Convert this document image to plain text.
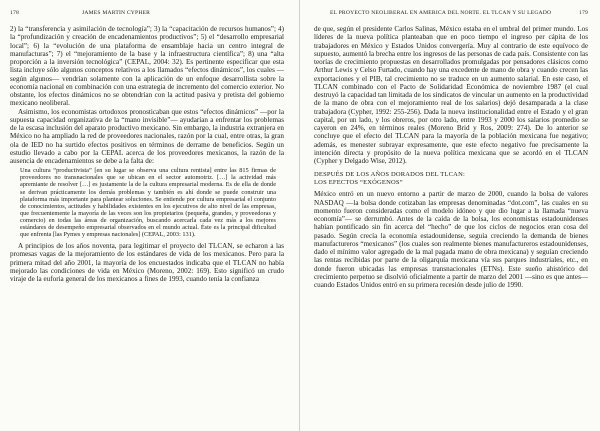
178	JAMES MARTÍN CYPHER

2) la “transferencia y asimilación de tecnología”; 3) la “capacitación de recursos humanos”; 4) la “profundización y creación de encadenamientos productivos”; 5) el “desarrollo empresarial local”; 6) la “evolución de una plataforma de ensamblaje hacia un centro integral de manufacturas”; 7) el “mejoramiento de la base y la infraestructura científica”; 8) una “alta proporción a la inversión tecnológica” (CEPAL, 2004: 32). Es pertinente especificar que esta lista incluye sólo algunos conceptos relativos a los llamados “efectos dinámicos”, los cuales —según algunos— vendrían solamente con la aplicación de un enfoque desarrollista sobre la economía nacional en combinación con una estrategia de incremento del comercio exterior. No obstante, los efectos dinámicos no se obtendrían con la actitud pasiva y pretista del gobierno mexicano neoliberal.

Asimismo, los economistas ortodoxos pronosticaban que estos “efectos dinámicos” —por la supuesta capacidad organizativa de la “mano invisible”— ayudarían a enfrentar los problemas de la escasa inclusión del aparato productivo mexicano. Sin embargo, la industria extranjera en México no ha ampliado la red de proveedores nacionales, razón por la cual, entre otras, la gran ola de IED no ha surtido efectos positivos en términos de derrame de beneficios. Según un estudio llevado a cabo por la CEPAL acerca de los proveedores mexicanos, la razón de la ausencia de encadenamientos se debe a la falta de:

Una cultura “productivista” [en su lugar se observa una cultura rentista] entre las 815 firmas de proveedores no transnacionales que se ubican en el sector automotriz. […] la actividad más apremiante de resolver […] es justamente la de la cultura empresarial moderna. Es de ella de donde se derivan prácticamente los demás problemas y también es ahí donde se puede construir una plataforma más importante para plantear soluciones. Se entiende por cultura empresarial el conjunto de conocimientos, actitudes y habilidades existentes en los ejecutivos de alto nivel de las empresas, que frecuentemente la mayoría de las veces son los propietarios (pequeña, grandes, y proveedoras y comercio) en todas las áreas de organización, buscando acercarla cada vez más a los mejores estándares de desempeño empresarial observados en el mundo actual. Éste es la principal dificultad que enfrenta [las Pymes y empresas nacionales] (CEPAL, 2003: 131).

A principios de los años noventa, para legitimar el proyecto del TLCAN, se echaron a las promesas vagas de la mejoramiento de los estándares de vida de los mexicanos. Pero para la primera mitad del año 2001, la mayoría de los encuestados indicaba que el TLCAN no había mejorado las condiciones de vida en México (Moreno, 2002: 169). Esto significó un crudo viraje de la euforia general de los mexicanos a fines de 1993, cuando tenía la confianza

EL PROYECTO NEOLIBERAL EN AMÉRICA DEL NORTE. EL TLCAN Y SU LEGADO	179

de que, según el presidente Carlos Salinas, México estaba en el umbral del primer mundo. Los líderes de la nueva política planteaban que en poco tiempo el ingreso per cápita de los trabajadores en México y Estados Unidos convergería. Muy al contrario de este equívoco de supuesto, aumentó la brecha entre los ingresos de las personas de cada país. Consistente con las teorías de crecimiento propuestas en desarrollados promulgadas por pensadores clásicos como Arthur Lewis y Celso Furtado, cuando hay una excedente de mano de obra y cuando crecen las exportaciones y el PIB, tal crecimiento no se traduce en un aumento salarial. En este caso, el TLCAN combinado con el Pacto de Solidaridad Económica de noviembre 1987 (el cual destruyó la capacidad tan limitada de los sindicatos de vincular un aumento en la productividad de la mano de obra con el mejoramiento real de los salarios) dejó desamparada a la clase trabajadora (Cypher, 1992: 255-256). Dada la nueva institucionalidad entre el Estado y el gran capital, por un lado, y los obreros, por otro lado, entre 1993 y 2000 los salarios promedio se cayeron en 24%, en términos reales (Moreno Brid y Ros, 2009: 274). De lo anterior se concluye que el efecto del TLCAN para la mayoría de la población mexicana fue negativo; además, es menester subrayar expresamente, que este efecto negativo fue precisamente la intención directa y propósito de la nueva política mexicana que se acordó en el TLCAN (Cypher y Delgado Wise, 2012).

DESPUÉS DE LOS AÑOS DORADOS DEL TLCAN:
LOS EFECTOS “EXÓGENOS”

México entró en un nuevo entorno a partir de marzo de 2000, cuando la bolsa de valores NASDAQ —la bolsa donde cotizaban las empresas denominadas “dot.com”, las cuales en su momento fueron consideradas como el modelo idóneo y que dio lugar a la llamada “nueva economía”— se derrumbó. Antes de la caída de la bolsa, los economistas estadounidenses habían pontificado sin fin acerca del “hecho” de que los ciclos de negocios eran cosa del pasado. Según crecía la economía estadounidense, seguía creciendo la demanda de bienes manufactureros “mexicanos” (los cuales son realmente bienes manufactureros estadounidenses, dado el mínimo valor agregado de la mal pagada mano de obra mexicana) y seguían creciendo las rentas recibidas por parte de la oligarquía mexicana vía sus parques industriales, etc., en donde fueron ubicadas las empresas transnacionales (ETNs). Este sueño ahistórico del crecimiento perpetuo se disolvió oficialmente a partir de marzo del 2001 —sino es que antes— cuando Estados Unidos entró en su primera recesión desde julio de 1990.
